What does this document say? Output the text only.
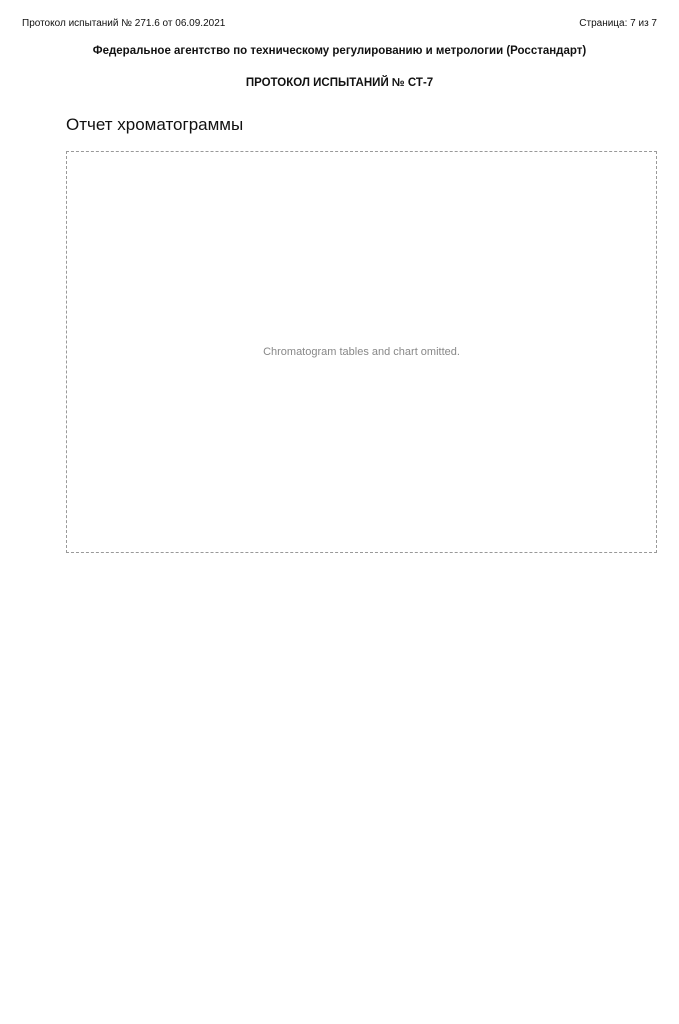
Протокол испытаний № 271.6 от 06.09.2021	Страница: 7 из 7
Федеральное агентство по техническому регулированию и метрологии (Росстандарт)
ПРОТОКОЛ ИСПЫТАНИЙ № СТ-7
Отчет хроматограммы
Chromatogram tables and chart omitted.
